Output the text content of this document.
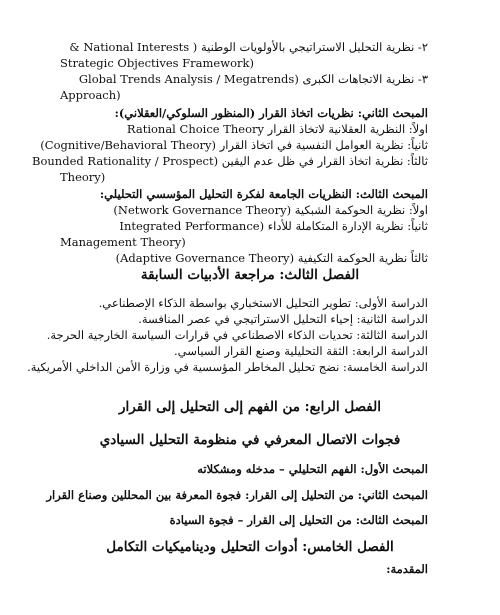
٢- نظرية التحليل الاستراتيجي بالأولويات الوطنية ( National Interests &
Strategic Objectives Framework)
٣- نظرية الاتجاهات الكبرى (Global Trends Analysis / Megatrends
Approach)
المبحث الثاني: نظريات اتخاذ القرار (المنظور السلوكي/العقلاني):
اولاً: النظرية العقلانية لاتخاذ القرار Rational Choice Theory
ثانياً: نظرية العوامل النفسية في اتخاذ القرار (Cognitive/Behavioral Theory)
ثالثاً: نظرية اتخاذ القرار في ظل عدم اليقين (Bounded Rationality / Prospect
Theory)
المبحث الثالث: النظريات الجامعة لفكرة التحليل المؤسسي التحليلي:
اولاً: نظرية الحوكمة الشبكية (Network Governance Theory)
ثانياً: نظرية الإدارة المتكاملة للأداء (Integrated Performance
Management Theory)
ثالثاً نظرية الحوكمة التكيفية (Adaptive Governance Theory)
الفصل الثالث: مراجعة الأدبيات السابقة
الدراسة الأولى: تطوير التحليل الاستخباري بواسطة الذكاء الإصطناعي.
الدراسة الثانية: إحياء التحليل الاستراتيجي في عصر المنافسة.
الدراسة الثالثة: تحديات الذكاء الاصطناعي في قرارات السياسة الخارجية الحرجة.
الدراسة الرابعة: الثقة التحليلية وصنع القرار السياسي.
الدراسة الخامسة: نضج تحليل المخاطر المؤسسية في وزارة الأمن الداخلي الأمريكية.
الفصل الرابع: من الفهم إلى التحليل إلى القرار
فجوات الاتصال المعرفي في منظومة التحليل السيادي
المبحث الأول: الفهم التحليلي – مدخله ومشكلاته
المبحث الثاني: من التحليل إلى القرار: فجوة المعرفة بين المحللين وصناع القرار
المبحث الثالث: من التحليل إلى القرار – فجوة السيادة
الفصل الخامس: أدوات التحليل وديناميكيات التكامل
المقدمة:
